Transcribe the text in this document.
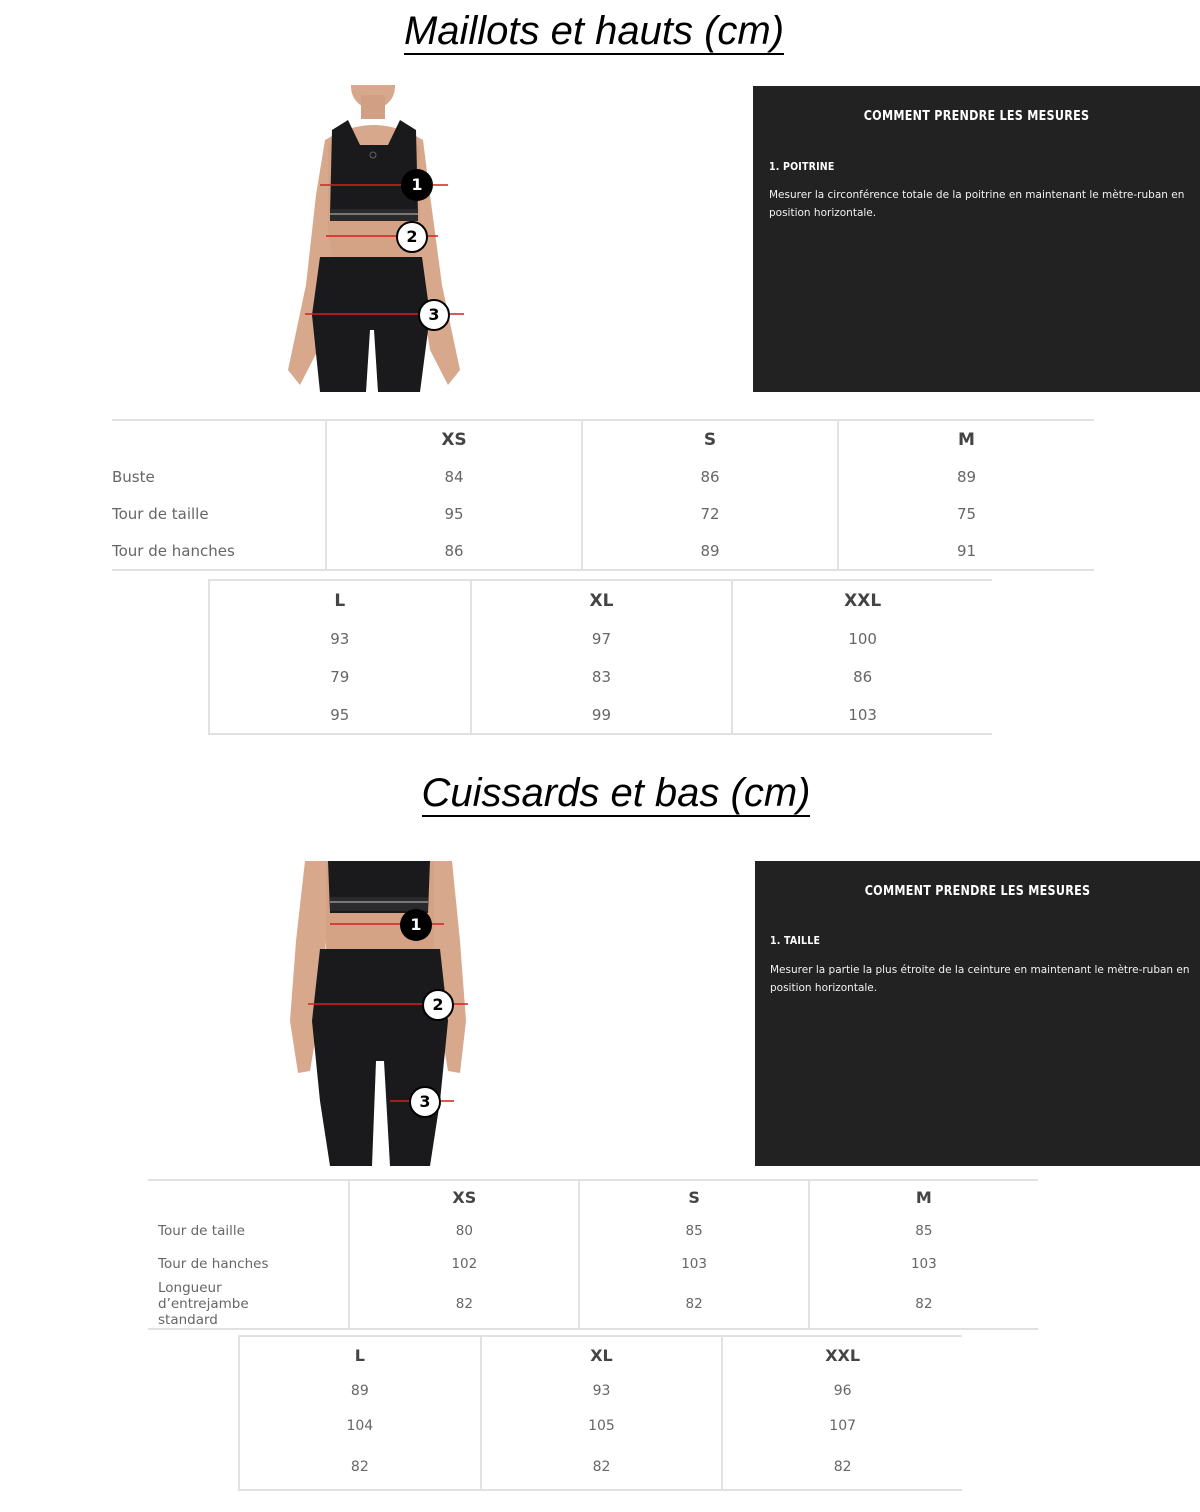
Maillots et hauts (cm)
1
2
3
COMMENT PRENDRE LES MESURES
1. POITRINE
Mesurer la circonférence totale de la poitrine en maintenant le mètre-ruban en position horizontale.
	XS	S	M
Buste	84	86	89
Tour de taille	95	72	75
Tour de hanches	86	89	91
L	XL	XXL
93	97	100
79	83	86
95	99	103
Cuissards et bas (cm)
1
2
3
COMMENT PRENDRE LES MESURES
1. TAILLE
Mesurer la partie la plus étroite de la ceinture en maintenant le mètre-ruban en position horizontale.
	XS	S	M
Tour de taille	80	85	85
Tour de hanches	102	103	103
Longueur d’entrejambe standard	82	82	82
L	XL	XXL
89	93	96
104	105	107
82	82	82
